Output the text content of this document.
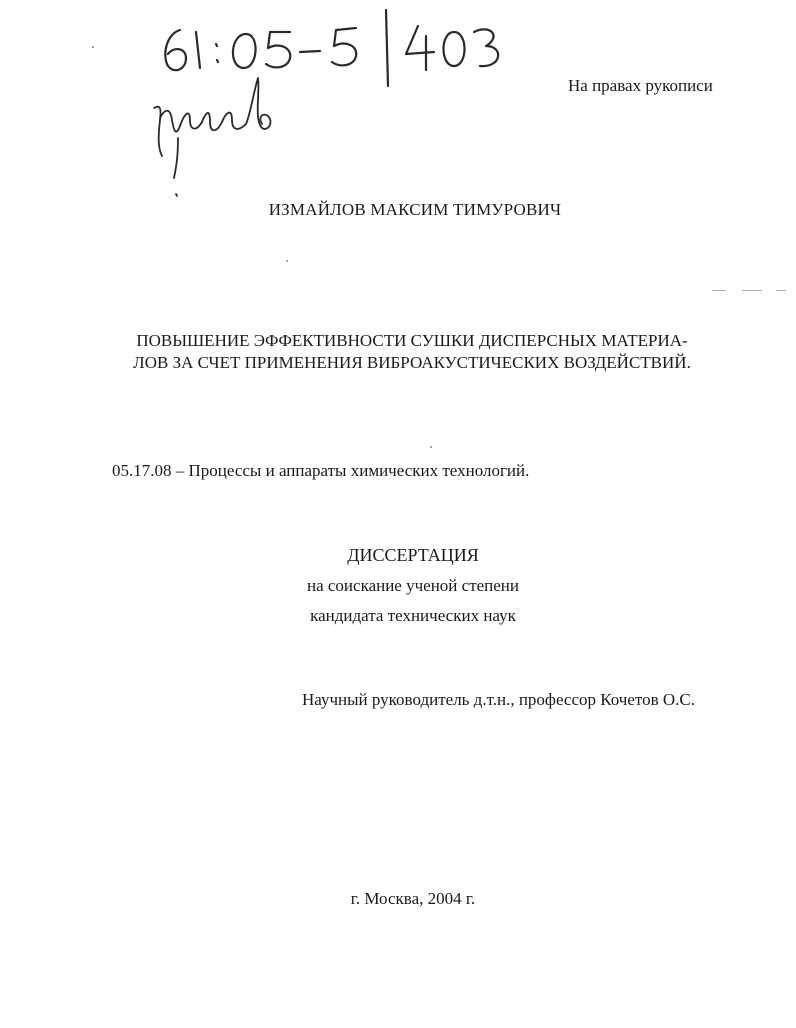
На правах рукописи
ИЗМАЙЛОВ МАКСИМ ТИМУРОВИЧ
ПОВЫШЕНИЕ ЭФФЕКТИВНОСТИ СУШКИ ДИСПЕРСНЫХ МАТЕРИА-
ЛОВ ЗА СЧЕТ ПРИМЕНЕНИЯ ВИБРОАКУСТИЧЕСКИХ ВОЗДЕЙСТВИЙ.
05.17.08 – Процессы и аппараты химических технологий.
ДИССЕРТАЦИЯ
на соискание ученой степени
кандидата технических наук
Научный руководитель д.т.н., профессор Кочетов О.С.
г. Москва, 2004 г.
